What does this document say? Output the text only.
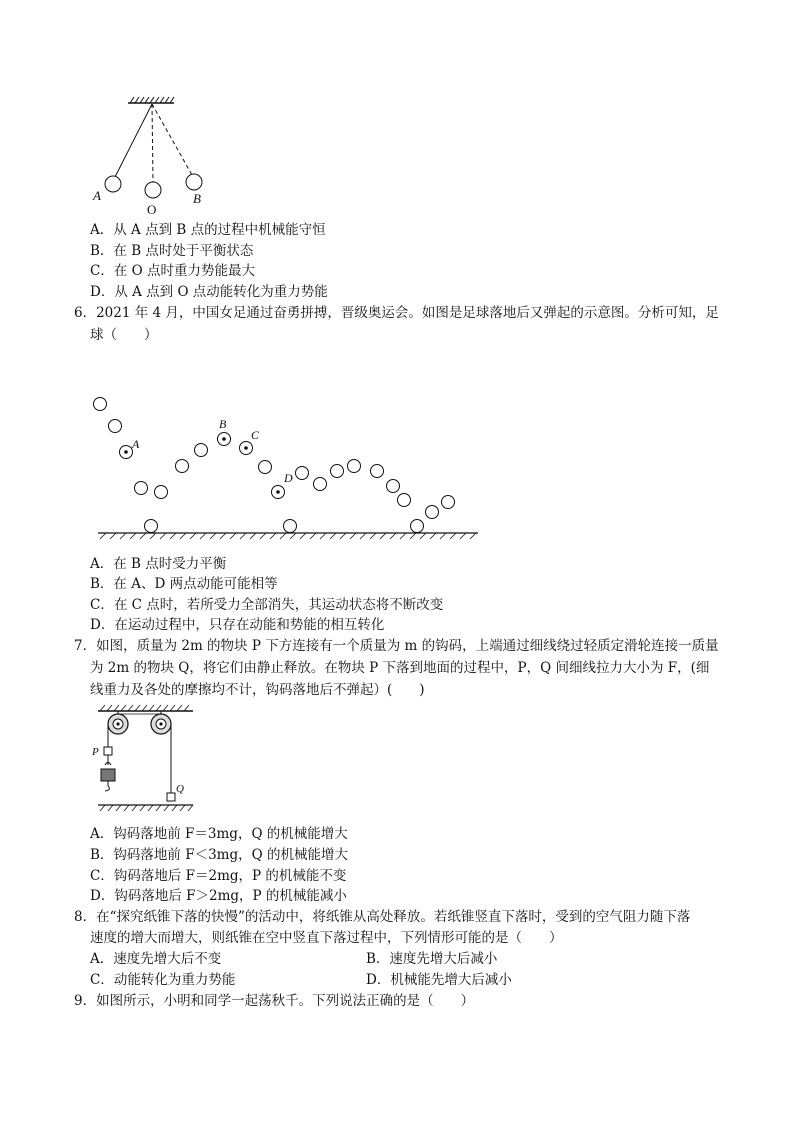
A
O
B
A．从 A 点到 B 点的过程中机械能守恒
B．在 B 点时处于平衡状态
C．在 O 点时重力势能最大
D．从 A 点到 O 点动能转化为重力势能
6．2021 年 4 月，中国女足通过奋勇拼搏，晋级奥运会。如图是足球落地后又弹起的示意图。分析可知，足
球（　　）
A
B
C
D
A．在 B 点时受力平衡
B．在 A、D 两点动能可能相等
C．在 C 点时，若所受力全部消失，其运动状态将不断改变
D．在运动过程中，只存在动能和势能的相互转化
7．如图，质量为 2m 的物块 P 下方连接有一个质量为 m 的钩码，上端通过细线绕过轻质定滑轮连接一质量
为 2m 的物块 Q，将它们由静止释放。在物块 P 下落到地面的过程中，P，Q 间细线拉力大小为 F，(细
线重力及各处的摩擦均不计，钩码落地后不弹起）(　　)
P
Q
A．钩码落地前 F＝3mg，Q 的机械能增大
B．钩码落地前 F＜3mg，Q 的机械能增大
C．钩码落地后 F＝2mg，P 的机械能不变
D．钩码落地后 F＞2mg，P 的机械能减小
8．在“探究纸锥下落的快慢”的活动中，将纸锥从高处释放。若纸锥竖直下落时，受到的空气阻力随下落
速度的增大而增大，则纸锥在空中竖直下落过程中，下列情形可能的是（　　）
A．速度先增大后不变	B．速度先增大后减小
C．动能转化为重力势能	D．机械能先增大后减小
9．如图所示，小明和同学一起荡秋千。下列说法正确的是（　　）
